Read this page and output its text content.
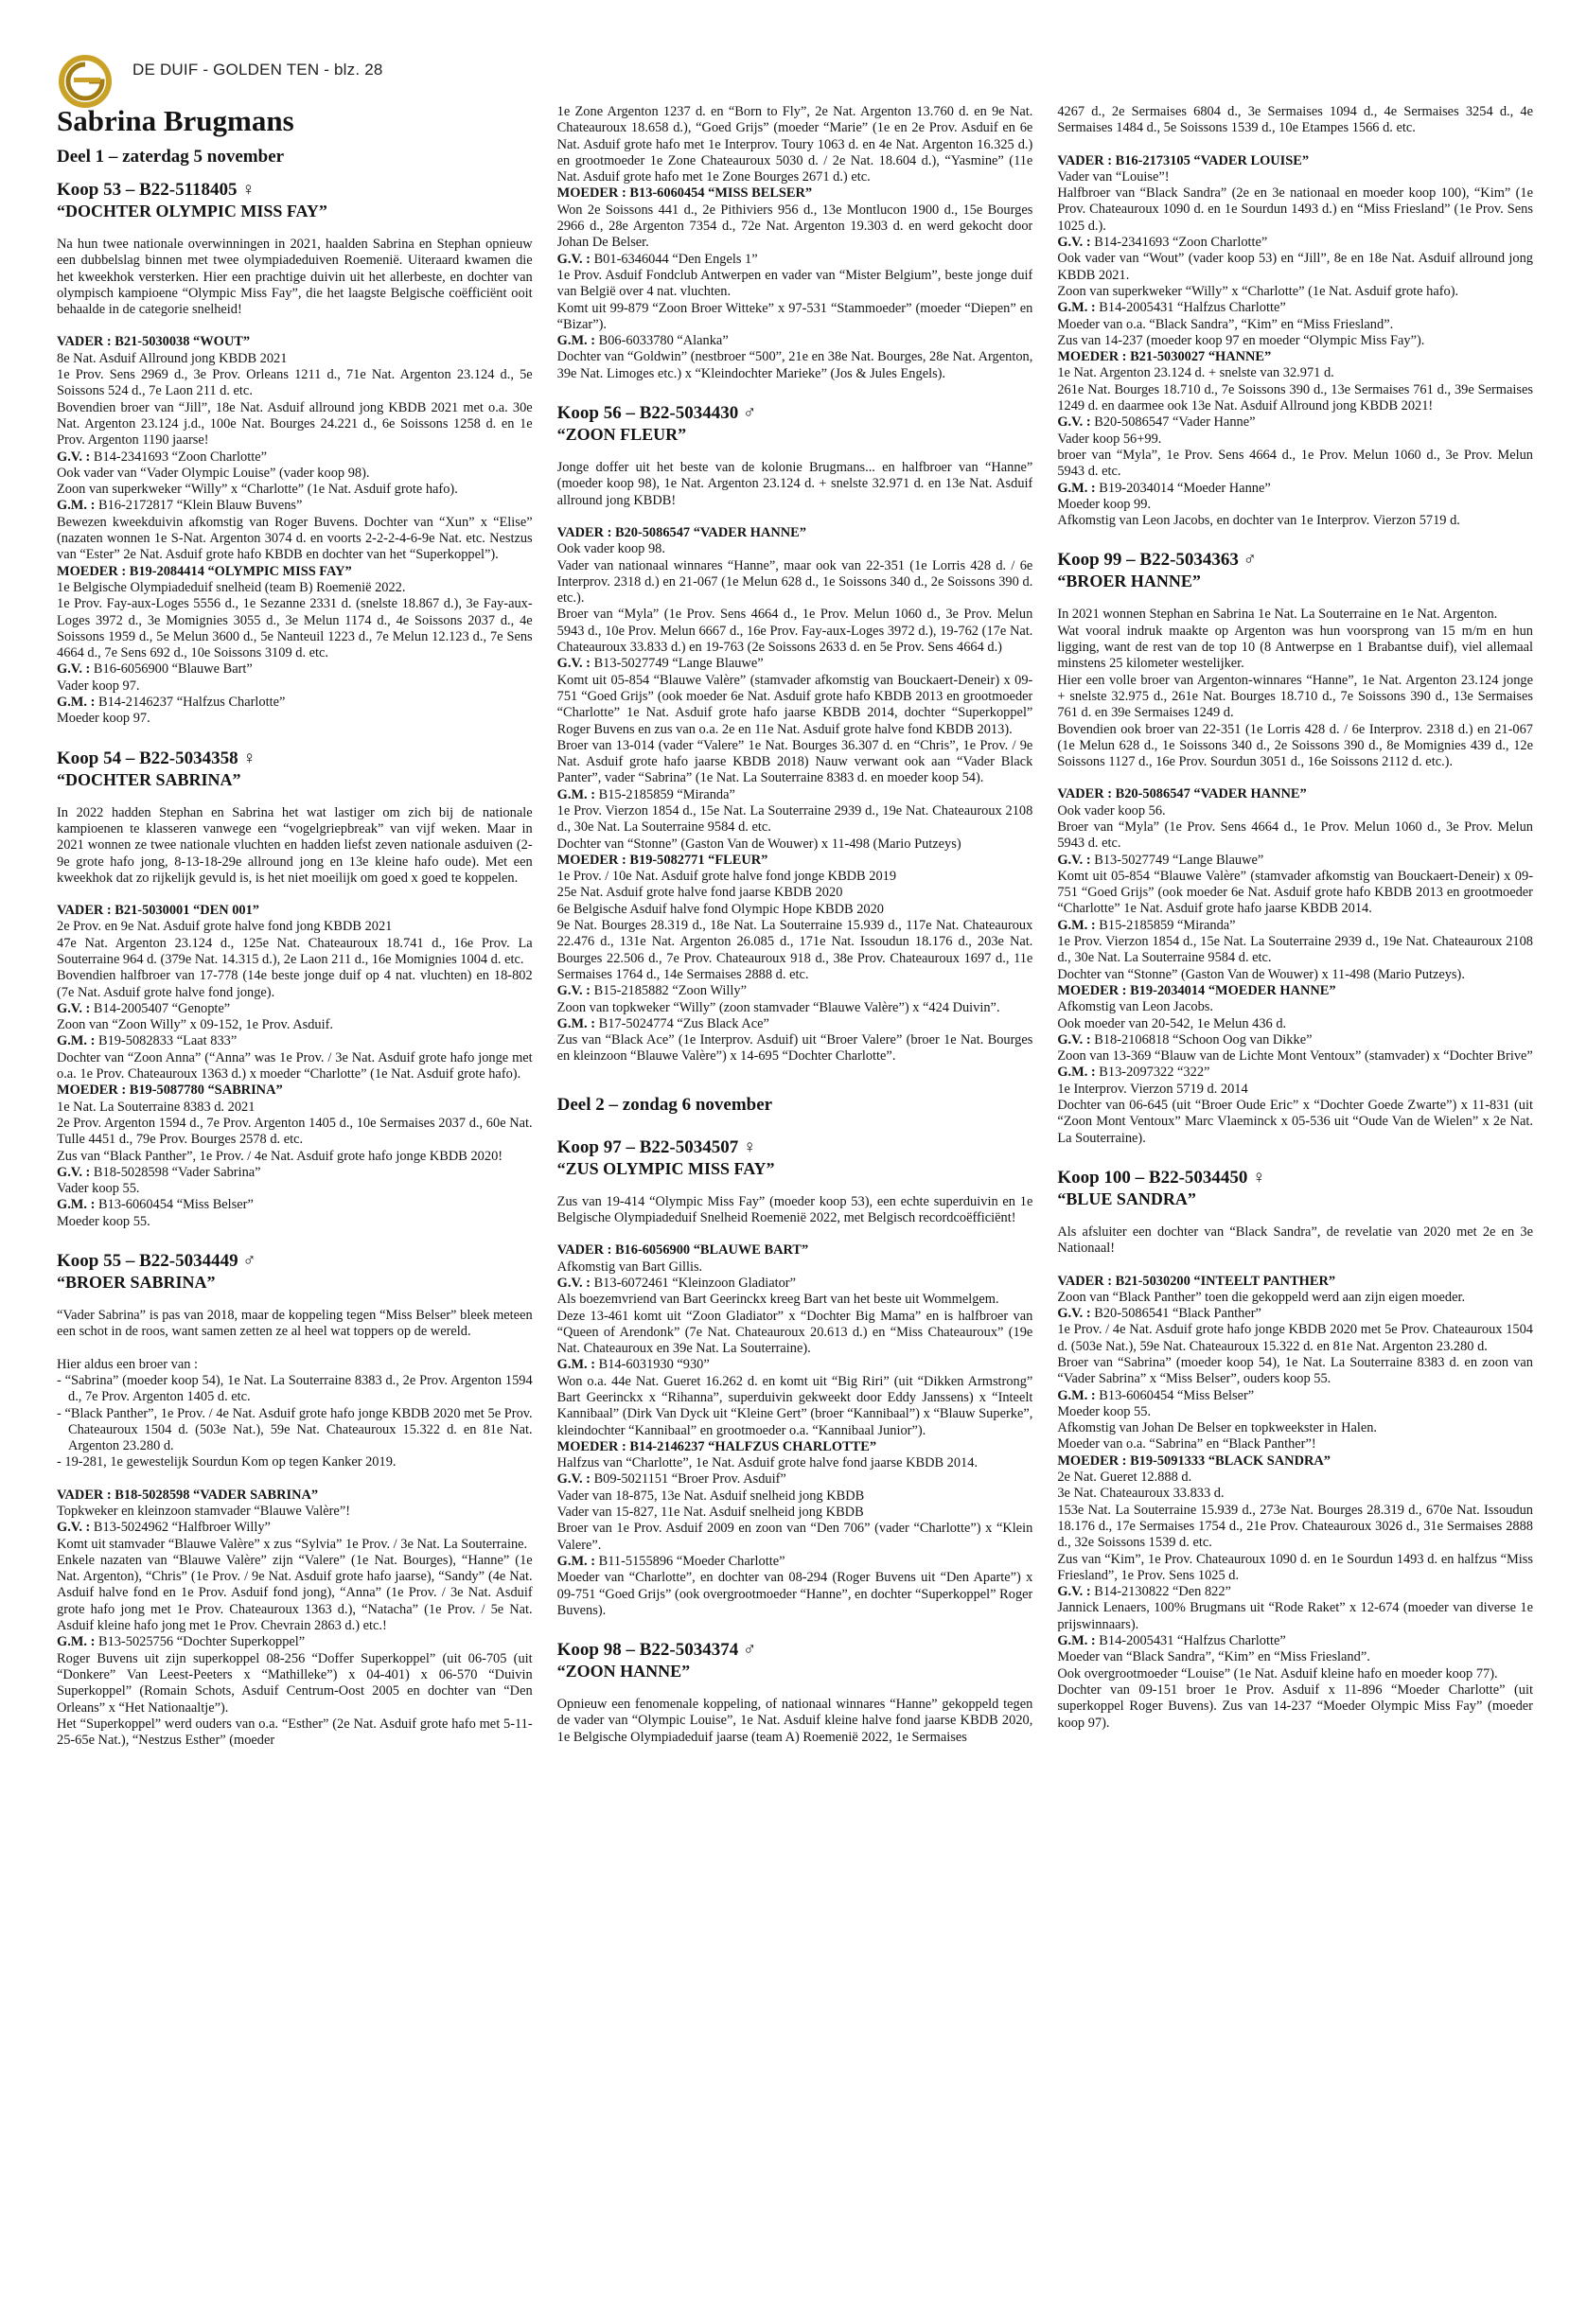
DE DUIF - GOLDEN TEN - blz. 28
Sabrina Brugmans
Deel 1 – zaterdag 5 november
Koop 53 – B22-5118405 ♀
“DOCHTER OLYMPIC MISS FAY”

Na hun twee nationale overwinningen in 2021, haalden Sabrina en Stephan opnieuw een dubbelslag binnen met twee olympiadeduiven Roemenië. Uiteraard kwamen die het kweekhok versterken. Hier een prachtige duivin uit het allerbeste, en dochter van olympisch kampioene “Olympic Miss Fay”, die het laagste Belgische coëfficiënt ooit behaalde in de categorie snelheid!

VADER : B21-5030038 “WOUT”

8e Nat. Asduif Allround jong KBDB 2021

1e Prov. Sens 2969 d., 3e Prov. Orleans 1211 d., 71e Nat. Argenton 23.124 d., 5e Soissons 524 d., 7e Laon 211 d. etc.

Bovendien broer van “Jill”, 18e Nat. Asduif allround jong KBDB 2021 met o.a. 30e Nat. Argenton 23.124 j.d., 100e Nat. Bourges 24.221 d., 6e Soissons 1258 d. en 1e Prov. Argenton 1190 jaarse!

G.V. : B14-2341693 “Zoon Charlotte”

Ook vader van “Vader Olympic Louise” (vader koop 98).

Zoon van superkweker “Willy” x “Charlotte” (1e Nat. Asduif grote hafo).

G.M. : B16-2172817 “Klein Blauw Buvens”

Bewezen kweekduivin afkomstig van Roger Buvens. Dochter van “Xun” x “Elise” (nazaten wonnen 1e S-Nat. Argenton 3074 d. en voorts 2-2-2-4-6-9e Nat. etc. Nestzus van “Ester” 2e Nat. Asduif grote hafo KBDB en dochter van het “Superkoppel”).

MOEDER : B19-2084414 “OLYMPIC MISS FAY”

1e Belgische Olympiadeduif snelheid (team B) Roemenië 2022.

1e Prov. Fay-aux-Loges 5556 d., 1e Sezanne 2331 d. (snelste 18.867 d.), 3e Fay-aux-Loges 3972 d., 3e Momignies 3055 d., 3e Melun 1174 d., 4e Soissons 2037 d., 4e Soissons 1959 d., 5e Melun 3600 d., 5e Nanteuil 1223 d., 7e Melun 12.123 d., 7e Sens 4664 d., 7e Sens 692 d., 10e Soissons 3109 d. etc.

G.V. : B16-6056900 “Blauwe Bart”

Vader koop 97.

G.M. : B14-2146237 “Halfzus Charlotte”

Moeder koop 97.

Koop 54 – B22-5034358 ♀
“DOCHTER SABRINA”

In 2022 hadden Stephan en Sabrina het wat lastiger om zich bij de nationale kampioenen te klasseren vanwege een “vogelgriepbreak” van vijf weken. Maar in 2021 wonnen ze twee nationale vluchten en hadden liefst zeven nationale asduiven (2-9e grote hafo jong, 8-13-18-29e allround jong en 13e kleine hafo oude). Met een kweekhok dat zo rijkelijk gevuld is, is het niet moeilijk om goed x goed te koppelen.

VADER : B21-5030001 “DEN 001”

2e Prov. en 9e Nat. Asduif grote halve fond jong KBDB 2021

47e Nat. Argenton 23.124 d., 125e Nat. Chateauroux 18.741 d., 16e Prov. La Souterraine 964 d. (379e Nat. 14.315 d.), 2e Laon 211 d., 16e Momignies 1004 d. etc.

Bovendien halfbroer van 17-778 (14e beste jonge duif op 4 nat. vluchten) en 18-802 (7e Nat. Asduif grote halve fond jonge).

G.V. : B14-2005407 “Genopte”

Zoon van “Zoon Willy” x 09-152, 1e Prov. Asduif.

G.M. : B19-5082833 “Laat 833”

Dochter van “Zoon Anna” (“Anna” was 1e Prov. / 3e Nat. Asduif grote hafo jonge met o.a. 1e Prov. Chateauroux 1363 d.) x moeder “Charlotte” (1e Nat. Asduif grote hafo).

MOEDER : B19-5087780 “SABRINA”

1e Nat. La Souterraine 8383 d. 2021

2e Prov. Argenton 1594 d., 7e Prov. Argenton 1405 d., 10e Sermaises 2037 d., 60e Nat. Tulle 4451 d., 79e Prov. Bourges 2578 d. etc.

Zus van “Black Panther”, 1e Prov. / 4e Nat. Asduif grote hafo jonge KBDB 2020!

G.V. : B18-5028598 “Vader Sabrina”

Vader koop 55.

G.M. : B13-6060454 “Miss Belser”

Moeder koop 55.

Koop 55 – B22-5034449 ♂
“BROER SABRINA”

“Vader Sabrina” is pas van 2018, maar de koppeling tegen “Miss Belser” bleek meteen een schot in de roos, want samen zetten ze al heel wat toppers op de wereld.

Hier aldus een broer van :

- “Sabrina” (moeder koop 54), 1e Nat. La Souterraine 8383 d., 2e Prov. Argenton 1594 d., 7e Prov. Argenton 1405 d. etc.

- “Black Panther”, 1e Prov. / 4e Nat. Asduif grote hafo jonge KBDB 2020 met 5e Prov. Chateauroux 1504 d. (503e Nat.), 59e Nat. Chateauroux 15.322 d. en 81e Nat. Argenton 23.280 d.

- 19-281, 1e gewestelijk Sourdun Kom op tegen Kanker 2019.

VADER : B18-5028598 “VADER SABRINA”

Topkweker en kleinzoon stamvader “Blauwe Valère”!

G.V. : B13-5024962 “Halfbroer Willy”

Komt uit stamvader “Blauwe Valère” x zus “Sylvia” 1e Prov. / 3e Nat. La Souterraine.

Enkele nazaten van “Blauwe Valère” zijn “Valere” (1e Nat. Bourges), “Hanne” (1e Nat. Argenton), “Chris” (1e Prov. / 9e Nat. Asduif grote hafo jaarse), “Sandy” (4e Nat. Asduif halve fond en 1e Prov. Asduif fond jong), “Anna” (1e Prov. / 3e Nat. Asduif grote hafo jong met 1e Prov. Chateauroux 1363 d.), “Natacha” (1e Prov. / 5e Nat. Asduif kleine hafo jong met 1e Prov. Chevrain 2863 d.) etc.!

G.M. : B13-5025756 “Dochter Superkoppel”

Roger Buvens uit zijn superkoppel 08-256 “Doffer Superkoppel” (uit 06-705 (uit “Donkere” Van Leest-Peeters x “Mathilleke”) x 04-401) x 06-570 “Duivin Superkoppel” (Romain Schots, Asduif Centrum-Oost 2005 en dochter van “Den Orleans” x “Het Nationaaltje”).

Het “Superkoppel” werd ouders van o.a. “Esther” (2e Nat. Asduif grote hafo met 5-11-25-65e Nat.), “Nestzus Esther” (moeder

1e Zone Argenton 1237 d. en “Born to Fly”, 2e Nat. Argenton 13.760 d. en 9e Nat. Chateauroux 18.658 d.), “Goed Grijs” (moeder “Marie” (1e en 2e Prov. Asduif en 6e Nat. Asduif grote hafo met 1e Interprov. Toury 1063 d. en 4e Nat. Argenton 16.325 d.) en grootmoeder 1e Zone Chateauroux 5030 d. / 2e Nat. 18.604 d.), “Yasmine” (11e Nat. Asduif grote hafo met 1e Zone Bourges 2671 d.) etc.

MOEDER : B13-6060454 “MISS BELSER”

Won 2e Soissons 441 d., 2e Pithiviers 956 d., 13e Montlucon 1900 d., 15e Bourges 2966 d., 28e Argenton 7354 d., 72e Nat. Argenton 19.303 d. en werd gekocht door Johan De Belser.

G.V. : B01-6346044 “Den Engels 1”

1e Prov. Asduif Fondclub Antwerpen en vader van “Mister Belgium”, beste jonge duif van België over 4 nat. vluchten.

Komt uit 99-879 “Zoon Broer Witteke” x 97-531 “Stammoeder” (moeder “Diepen” en “Bizar”).

G.M. : B06-6033780 “Alanka”

Dochter van “Goldwin” (nestbroer “500”, 21e en 38e Nat. Bourges, 28e Nat. Argenton, 39e Nat. Limoges etc.) x “Kleindochter Marieke” (Jos & Jules Engels).

Koop 56 – B22-5034430 ♂
“ZOON FLEUR”

Jonge doffer uit het beste van de kolonie Brugmans... en halfbroer van “Hanne” (moeder koop 98), 1e Nat. Argenton 23.124 d. + snelste 32.971 d. en 13e Nat. Asduif allround jong KBDB!

VADER : B20-5086547 “VADER HANNE”

Ook vader koop 98.

Vader van nationaal winnares “Hanne”, maar ook van 22-351 (1e Lorris 428 d. / 6e Interprov. 2318 d.) en 21-067 (1e Melun 628 d., 1e Soissons 340 d., 2e Soissons 390 d. etc.).

Broer van “Myla” (1e Prov. Sens 4664 d., 1e Prov. Melun 1060 d., 3e Prov. Melun 5943 d., 10e Prov. Melun 6667 d., 16e Prov. Fay-aux-Loges 3972 d.), 19-762 (17e Nat. Chateauroux 33.833 d.) en 19-763 (2e Soissons 2633 d. en 5e Prov. Sens 4664 d.)

G.V. : B13-5027749 “Lange Blauwe”

Komt uit 05-854 “Blauwe Valère” (stamvader afkomstig van Bouckaert-Deneir) x 09-751 “Goed Grijs” (ook moeder 6e Nat. Asduif grote hafo KBDB 2013 en grootmoeder “Charlotte” 1e Nat. Asduif grote hafo jaarse KBDB 2014, dochter “Superkoppel” Roger Buvens en zus van o.a. 2e en 11e Nat. Asduif grote halve fond KBDB 2013).

Broer van 13-014 (vader “Valere” 1e Nat. Bourges 36.307 d. en “Chris”, 1e Prov. / 9e Nat. Asduif grote hafo jaarse KBDB 2018) Nauw verwant ook aan “Vader Black Panter”, vader “Sabrina” (1e Nat. La Souterraine 8383 d. en moeder koop 54).

G.M. : B15-2185859 “Miranda”

1e Prov. Vierzon 1854 d., 15e Nat. La Souterraine 2939 d., 19e Nat. Chateauroux 2108 d., 30e Nat. La Souterraine 9584 d. etc.

Dochter van “Stonne” (Gaston Van de Wouwer) x 11-498 (Mario Putzeys)

MOEDER : B19-5082771 “FLEUR”

1e Prov. / 10e Nat. Asduif grote halve fond jonge KBDB 2019

25e Nat. Asduif grote halve fond jaarse KBDB 2020

6e Belgische Asduif halve fond Olympic Hope KBDB 2020

9e Nat. Bourges 28.319 d., 18e Nat. La Souterraine 15.939 d., 117e Nat. Chateauroux 22.476 d., 131e Nat. Argenton 26.085 d., 171e Nat. Issoudun 18.176 d., 203e Nat. Bourges 22.506 d., 7e Prov. Chateauroux 918 d., 38e Prov. Chateauroux 1697 d., 11e Sermaises 1764 d., 14e Sermaises 2888 d. etc.

G.V. : B15-2185882 “Zoon Willy”

Zoon van topkweker “Willy” (zoon stamvader “Blauwe Valère”) x “424 Duivin”.

G.M. : B17-5024774 “Zus Black Ace”

Zus van “Black Ace” (1e Interprov. Asduif) uit “Broer Valere” (broer 1e Nat. Bourges en kleinzoon “Blauwe Valère”) x 14-695 “Dochter Charlotte”.

Deel 2 – zondag 6 november
Koop 97 – B22-5034507 ♀
“ZUS OLYMPIC MISS FAY”

Zus van 19-414 “Olympic Miss Fay” (moeder koop 53), een echte superduivin en 1e Belgische Olympiadeduif Snelheid Roemenië 2022, met Belgisch recordcoëfficiënt!

VADER : B16-6056900 “BLAUWE BART”

Afkomstig van Bart Gillis.

G.V. : B13-6072461 “Kleinzoon Gladiator”

Als boezemvriend van Bart Geerinckx kreeg Bart van het beste uit Wommelgem.

Deze 13-461 komt uit “Zoon Gladiator” x “Dochter Big Mama” en is halfbroer van “Queen of Arendonk” (7e Nat. Chateauroux 20.613 d.) en “Miss Chateauroux” (19e Nat. Chateauroux en 39e Nat. La Souterraine).

G.M. : B14-6031930 “930”

Won o.a. 44e Nat. Gueret 16.262 d. en komt uit “Big Riri” (uit “Dikken Armstrong” Bart Geerinckx x “Rihanna”, superduivin gekweekt door Eddy Janssens) x “Inteelt Kannibaal” (Dirk Van Dyck uit “Kleine Gert” (broer “Kannibaal”) x “Blauw Superke”, kleindochter “Kannibaal” en grootmoeder o.a. “Kannibaal Junior”).

MOEDER : B14-2146237 “HALFZUS CHARLOTTE”

Halfzus van “Charlotte”, 1e Nat. Asduif grote halve fond jaarse KBDB 2014.

G.V. : B09-5021151 “Broer Prov. Asduif”

Vader van 18-875, 13e Nat. Asduif snelheid jong KBDB

Vader van 15-827, 11e Nat. Asduif snelheid jong KBDB

Broer van 1e Prov. Asduif 2009 en zoon van “Den 706” (vader “Charlotte”) x “Klein Valere”.

G.M. : B11-5155896 “Moeder Charlotte”

Moeder van “Charlotte”, en dochter van 08-294 (Roger Buvens uit “Den Aparte”) x 09-751 “Goed Grijs” (ook overgrootmoeder “Hanne”, en dochter “Superkoppel” Roger Buvens).

Koop 98 – B22-5034374 ♂
“ZOON HANNE”

Opnieuw een fenomenale koppeling, of nationaal winnares “Hanne” gekoppeld tegen de vader van “Olympic Louise”, 1e Nat. Asduif kleine halve fond jaarse KBDB 2020, 1e Belgische Olympiadeduif jaarse (team A) Roemenië 2022, 1e Sermaises

4267 d., 2e Sermaises 6804 d., 3e Sermaises 1094 d., 4e Sermaises 3254 d., 4e Sermaises 1484 d., 5e Soissons 1539 d., 10e Etampes 1566 d. etc.

VADER : B16-2173105 “VADER LOUISE”

Vader van “Louise”!

Halfbroer van “Black Sandra” (2e en 3e nationaal en moeder koop 100), “Kim” (1e Prov. Chateauroux 1090 d. en 1e Sourdun 1493 d.) en “Miss Friesland” (1e Prov. Sens 1025 d.).

G.V. : B14-2341693 “Zoon Charlotte”

Ook vader van “Wout” (vader koop 53) en “Jill”, 8e en 18e Nat. Asduif allround jong KBDB 2021.

Zoon van superkweker “Willy” x “Charlotte” (1e Nat. Asduif grote hafo).

G.M. : B14-2005431 “Halfzus Charlotte”

Moeder van o.a. “Black Sandra”, “Kim” en “Miss Friesland”.

Zus van 14-237 (moeder koop 97 en moeder “Olympic Miss Fay”).

MOEDER : B21-5030027 “HANNE”

1e Nat. Argenton 23.124 d. + snelste van 32.971 d.

261e Nat. Bourges 18.710 d., 7e Soissons 390 d., 13e Sermaises 761 d., 39e Sermaises 1249 d. en daarmee ook 13e Nat. Asduif Allround jong KBDB 2021!

G.V. : B20-5086547 “Vader Hanne”

Vader koop 56+99.

broer van “Myla”, 1e Prov. Sens 4664 d., 1e Prov. Melun 1060 d., 3e Prov. Melun 5943 d. etc.

G.M. : B19-2034014 “Moeder Hanne”

Moeder koop 99.

Afkomstig van Leon Jacobs, en dochter van 1e Interprov. Vierzon 5719 d.

Koop 99 – B22-5034363 ♂
“BROER HANNE”

In 2021 wonnen Stephan en Sabrina 1e Nat. La Souterraine en 1e Nat. Argenton.

Wat vooral indruk maakte op Argenton was hun voorsprong van 15 m/m en hun ligging, want de rest van de top 10 (8 Antwerpse en 1 Brabantse duif), viel allemaal minstens 25 kilometer westelijker.

Hier een volle broer van Argenton-winnares “Hanne”, 1e Nat. Argenton 23.124 jonge + snelste 32.975 d., 261e Nat. Bourges 18.710 d., 7e Soissons 390 d., 13e Sermaises 761 d. en 39e Sermaises 1249 d.

Bovendien ook broer van 22-351 (1e Lorris 428 d. / 6e Interprov. 2318 d.) en 21-067 (1e Melun 628 d., 1e Soissons 340 d., 2e Soissons 390 d., 8e Momignies 439 d., 12e Soissons 1127 d., 16e Prov. Sourdun 3051 d., 16e Soissons 2112 d. etc.).

VADER : B20-5086547 “VADER HANNE”

Ook vader koop 56.

Broer van “Myla” (1e Prov. Sens 4664 d., 1e Prov. Melun 1060 d., 3e Prov. Melun 5943 d. etc.

G.V. : B13-5027749 “Lange Blauwe”

Komt uit 05-854 “Blauwe Valère” (stamvader afkomstig van Bouckaert-Deneir) x 09-751 “Goed Grijs” (ook moeder 6e Nat. Asduif grote hafo KBDB 2013 en grootmoeder “Charlotte” 1e Nat. Asduif grote hafo jaarse KBDB 2014.

G.M. : B15-2185859 “Miranda”

1e Prov. Vierzon 1854 d., 15e Nat. La Souterraine 2939 d., 19e Nat. Chateauroux 2108 d., 30e Nat. La Souterraine 9584 d. etc.

Dochter van “Stonne” (Gaston Van de Wouwer) x 11-498 (Mario Putzeys).

MOEDER : B19-2034014 “MOEDER HANNE”

Afkomstig van Leon Jacobs.

Ook moeder van 20-542, 1e Melun 436 d.

G.V. : B18-2106818 “Schoon Oog van Dikke”

Zoon van 13-369 “Blauw van de Lichte Mont Ventoux” (stamvader) x “Dochter Brive”

G.M. : B13-2097322 “322”

1e Interprov. Vierzon 5719 d. 2014

Dochter van 06-645 (uit “Broer Oude Eric” x “Dochter Goede Zwarte”) x 11-831 (uit “Zoon Mont Ventoux” Marc Vlaeminck x 05-536 uit “Oude Van de Wielen” x 2e Nat. La Souterraine).

Koop 100 – B22-5034450 ♀
“BLUE SANDRA”

Als afsluiter een dochter van “Black Sandra”, de revelatie van 2020 met 2e en 3e Nationaal!

VADER : B21-5030200 “INTEELT PANTHER”

Zoon van “Black Panther” toen die gekoppeld werd aan zijn eigen moeder.

G.V. : B20-5086541 “Black Panther”

1e Prov. / 4e Nat. Asduif grote hafo jonge KBDB 2020 met 5e Prov. Chateauroux 1504 d. (503e Nat.), 59e Nat. Chateauroux 15.322 d. en 81e Nat. Argenton 23.280 d.

Broer van “Sabrina” (moeder koop 54), 1e Nat. La Souterraine 8383 d. en zoon van “Vader Sabrina” x “Miss Belser”, ouders koop 55.

G.M. : B13-6060454 “Miss Belser”

Moeder koop 55.

Afkomstig van Johan De Belser en topkweekster in Halen.

Moeder van o.a. “Sabrina” en “Black Panther”!

MOEDER : B19-5091333 “BLACK SANDRA”

2e Nat. Gueret 12.888 d.

3e Nat. Chateauroux 33.833 d.

153e Nat. La Souterraine 15.939 d., 273e Nat. Bourges 28.319 d., 670e Nat. Issoudun 18.176 d., 17e Sermaises 1754 d., 21e Prov. Chateauroux 3026 d., 31e Sermaises 2888 d., 32e Soissons 1539 d. etc.

Zus van “Kim”, 1e Prov. Chateauroux 1090 d. en 1e Sourdun 1493 d. en halfzus “Miss Friesland”, 1e Prov. Sens 1025 d.

G.V. : B14-2130822 “Den 822”

Jannick Lenaers, 100% Brugmans uit “Rode Raket” x 12-674 (moeder van diverse 1e prijswinnaars).

G.M. : B14-2005431 “Halfzus Charlotte”

Moeder van “Black Sandra”, “Kim” en “Miss Friesland”.

Ook overgrootmoeder “Louise” (1e Nat. Asduif kleine hafo en moeder koop 77).

Dochter van 09-151 broer 1e Prov. Asduif x 11-896 “Moeder Charlotte” (uit superkoppel Roger Buvens). Zus van 14-237 “Moeder Olympic Miss Fay” (moeder koop 97).
